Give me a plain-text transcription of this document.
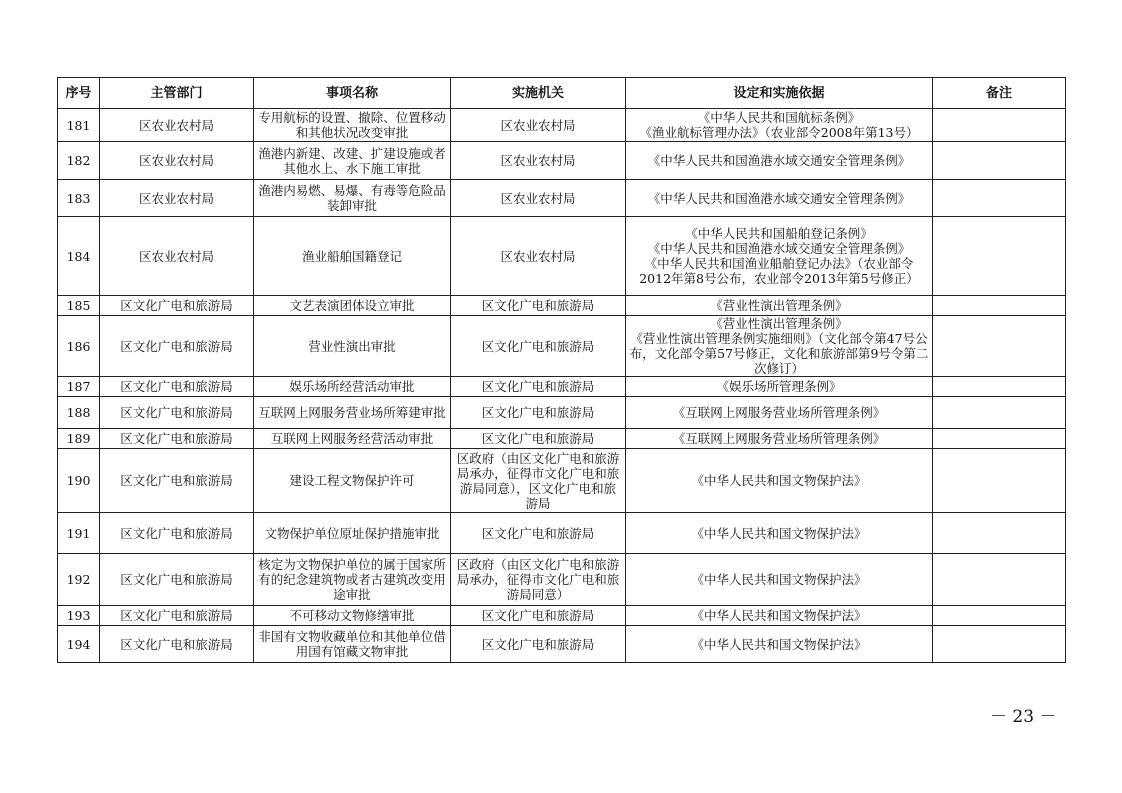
序号	主管部门	事项名称	实施机关	设定和实施依据	备注
181	区农业农村局	专用航标的设置、撤除、位置移动和其他状况改变审批	区农业农村局	《中华人民共和国航标条例》
《渔业航标管理办法》（农业部令2008年第13号）	
182	区农业农村局	渔港内新建、改建、扩建设施或者其他水上、水下施工审批	区农业农村局	《中华人民共和国渔港水域交通安全管理条例》	
183	区农业农村局	渔港内易燃、易爆、有毒等危险品装卸审批	区农业农村局	《中华人民共和国渔港水域交通安全管理条例》	
184	区农业农村局	渔业船舶国籍登记	区农业农村局	《中华人民共和国船舶登记条例》
《中华人民共和国渔港水域交通安全管理条例》
《中华人民共和国渔业船舶登记办法》（农业部令2012年第8号公布，农业部令2013年第5号修正）	
185	区文化广电和旅游局	文艺表演团体设立审批	区文化广电和旅游局	《营业性演出管理条例》	
186	区文化广电和旅游局	营业性演出审批	区文化广电和旅游局	《营业性演出管理条例》
《营业性演出管理条例实施细则》（文化部令第47号公布，文化部令第57号修正，文化和旅游部第9号令第二次修订）	
187	区文化广电和旅游局	娱乐场所经营活动审批	区文化广电和旅游局	《娱乐场所管理条例》	
188	区文化广电和旅游局	互联网上网服务营业场所筹建审批	区文化广电和旅游局	《互联网上网服务营业场所管理条例》	
189	区文化广电和旅游局	互联网上网服务经营活动审批	区文化广电和旅游局	《互联网上网服务营业场所管理条例》	
190	区文化广电和旅游局	建设工程文物保护许可	区政府（由区文化广电和旅游局承办，征得市文化广电和旅游局同意），区文化广电和旅游局	《中华人民共和国文物保护法》	
191	区文化广电和旅游局	文物保护单位原址保护措施审批	区文化广电和旅游局	《中华人民共和国文物保护法》	
192	区文化广电和旅游局	核定为文物保护单位的属于国家所有的纪念建筑物或者古建筑改变用途审批	区政府（由区文化广电和旅游局承办，征得市文化广电和旅游局同意）	《中华人民共和国文物保护法》	
193	区文化广电和旅游局	不可移动文物修缮审批	区文化广电和旅游局	《中华人民共和国文物保护法》	
194	区文化广电和旅游局	非国有文物收藏单位和其他单位借用国有馆藏文物审批	区文化广电和旅游局	《中华人民共和国文物保护法》	
－ 23 －
